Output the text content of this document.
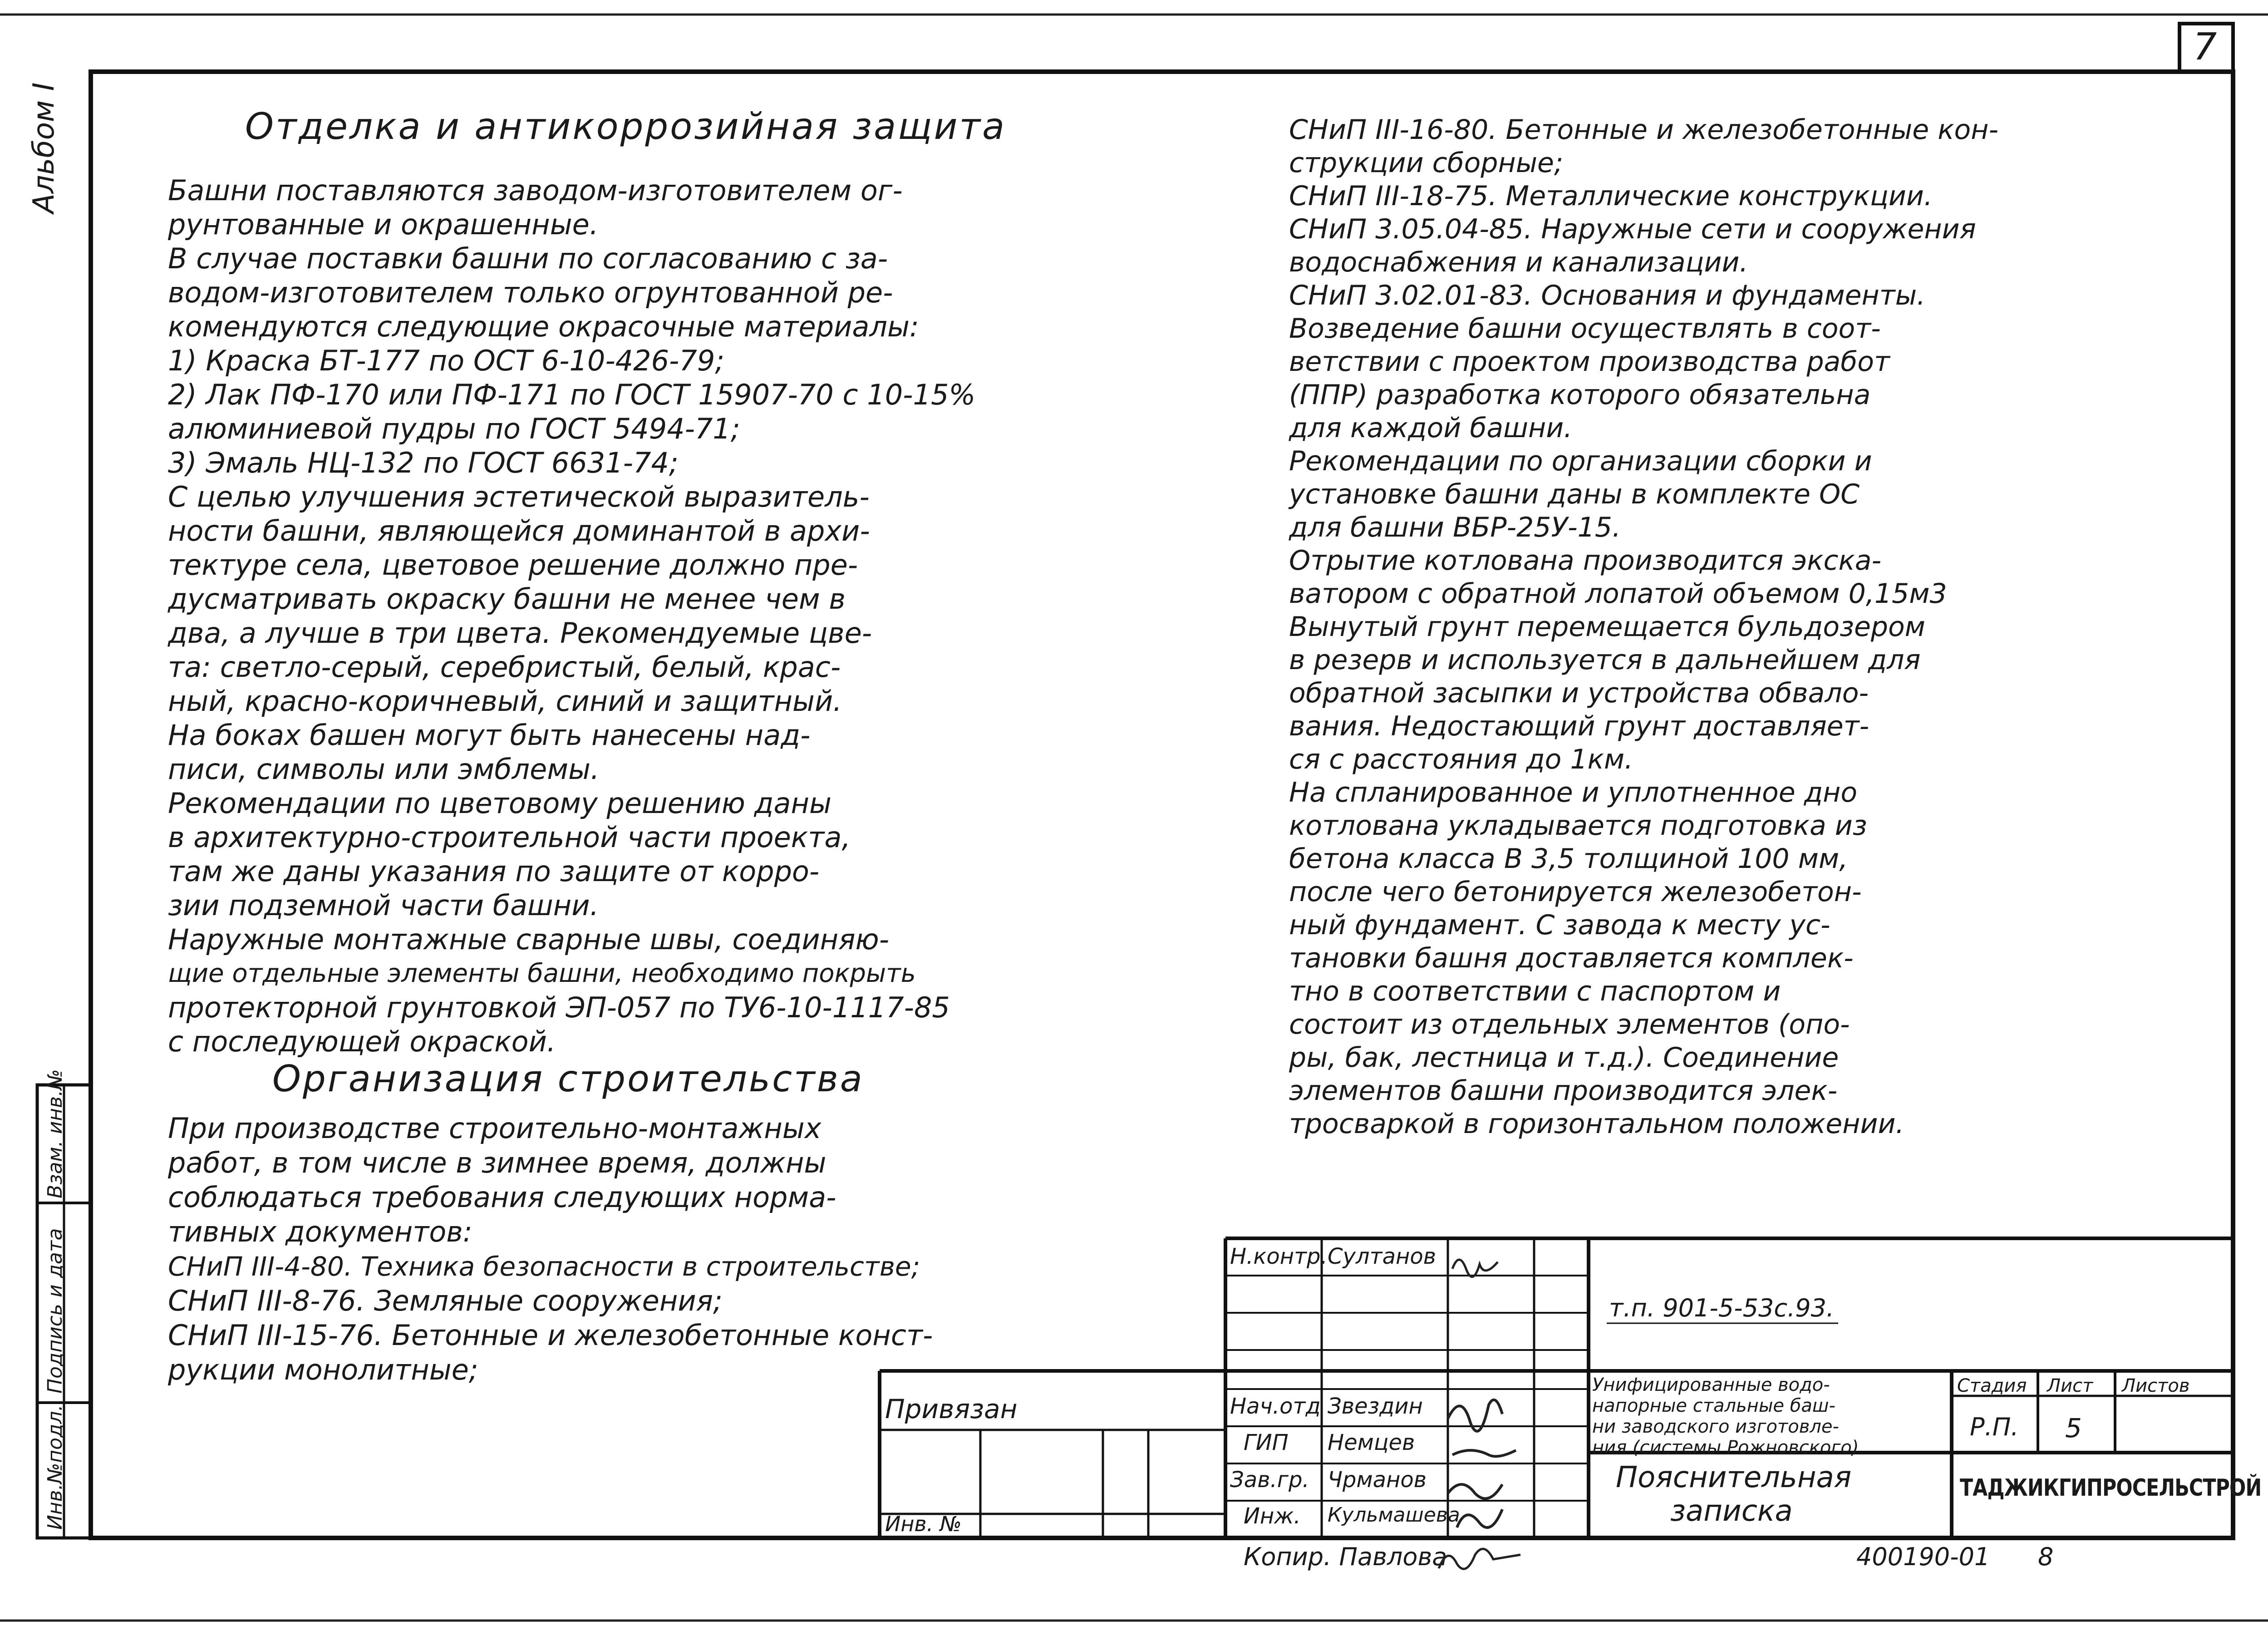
7
Альбом I
Инв.№подл.
Подпись и дата
Взам. инв.№
Отделка и антикоррозийная защита
Башни поставляются заводом-изготовителем ог-
рунтованные и окрашенные.
В случае поставки башни по согласованию с за-
водом-изготовителем только огрунтованной ре-
комендуются следующие окрасочные материалы:
1) Краска БТ-177 по ОСТ 6-10-426-79;
2) Лак ПФ-170 или ПФ-171 по ГОСТ 15907-70 с 10-15%
алюминиевой пудры по ГОСТ 5494-71;
3) Эмаль НЦ-132 по ГОСТ 6631-74;
С целью улучшения эстетической выразитель-
ности башни, являющейся доминантой в архи-
тектуре села, цветовое решение должно пре-
дусматривать окраску башни не менее чем в
два, а лучше в три цвета. Рекомендуемые цве-
та: светло-серый, серебристый, белый, крас-
ный, красно-коричневый, синий и защитный.
На боках башен могут быть нанесены над-
писи, символы или эмблемы.
Рекомендации по цветовому решению даны
в архитектурно-строительной части проекта,
там же даны указания по защите от корро-
зии подземной части башни.
Наружные монтажные сварные швы, соединяю-
щие отдельные элементы башни, необходимо покрыть
протекторной грунтовкой ЭП-057 по ТУ6-10-1117-85
с последующей окраской.
Организация строительства
При производстве строительно-монтажных
работ, в том числе в зимнее время, должны
соблюдаться требования следующих норма-
тивных документов:
СНиП III-4-80. Техника безопасности в строительстве;
СНиП III-8-76. Земляные сооружения;
СНиП III-15-76. Бетонные и железобетонные конст-
рукции монолитные;
СНиП III-16-80. Бетонные и железобетонные кон-
струкции сборные;
СНиП III-18-75. Металлические конструкции.
СНиП 3.05.04-85. Наружные сети и сооружения
водоснабжения и канализации.
СНиП 3.02.01-83. Основания и фундаменты.
Возведение башни осуществлять в соот-
ветствии с проектом производства работ
(ППР) разработка которого обязательна
для каждой башни.
Рекомендации по организации сборки и
установке башни даны в комплекте ОС
для башни ВБР-25У-15.
Отрытие котлована производится экска-
ватором с обратной лопатой объемом 0,15м3
Вынутый грунт перемещается бульдозером
в резерв и используется в дальнейшем для
обратной засыпки и устройства обвало-
вания. Недостающий грунт доставляет-
ся с расстояния до 1км.
На спланированное и уплотненное дно
котлована укладывается подготовка из
бетона класса В 3,5 толщиной 100 мм,
после чего бетонируется железобетон-
ный фундамент. С завода к месту ус-
тановки башня доставляется комплек-
тно в соответствии с паспортом и
состоит из отдельных элементов (опо-
ры, бак, лестница и т.д.). Соединение
элементов башни производится элек-
тросваркой в горизонтальном положении.
Привязан
Инв. №
Н.контр. Султанов
Нач.отд Звездин
ГИП Немцев
Зав.гр. Чрманов
Инж. Кульмашева
т.п. 901-5-53с.93.
Унифицированные водо-
напорные стальные баш-
ни заводского изготовле-
ния (системы Рожновского)
Стадия Лист Листов
Р.П. 5
Пояснительная
записка
ТАДЖИКГИПРОСЕЛЬСТРОЙ
Копир. Павлова	400190-01 8
